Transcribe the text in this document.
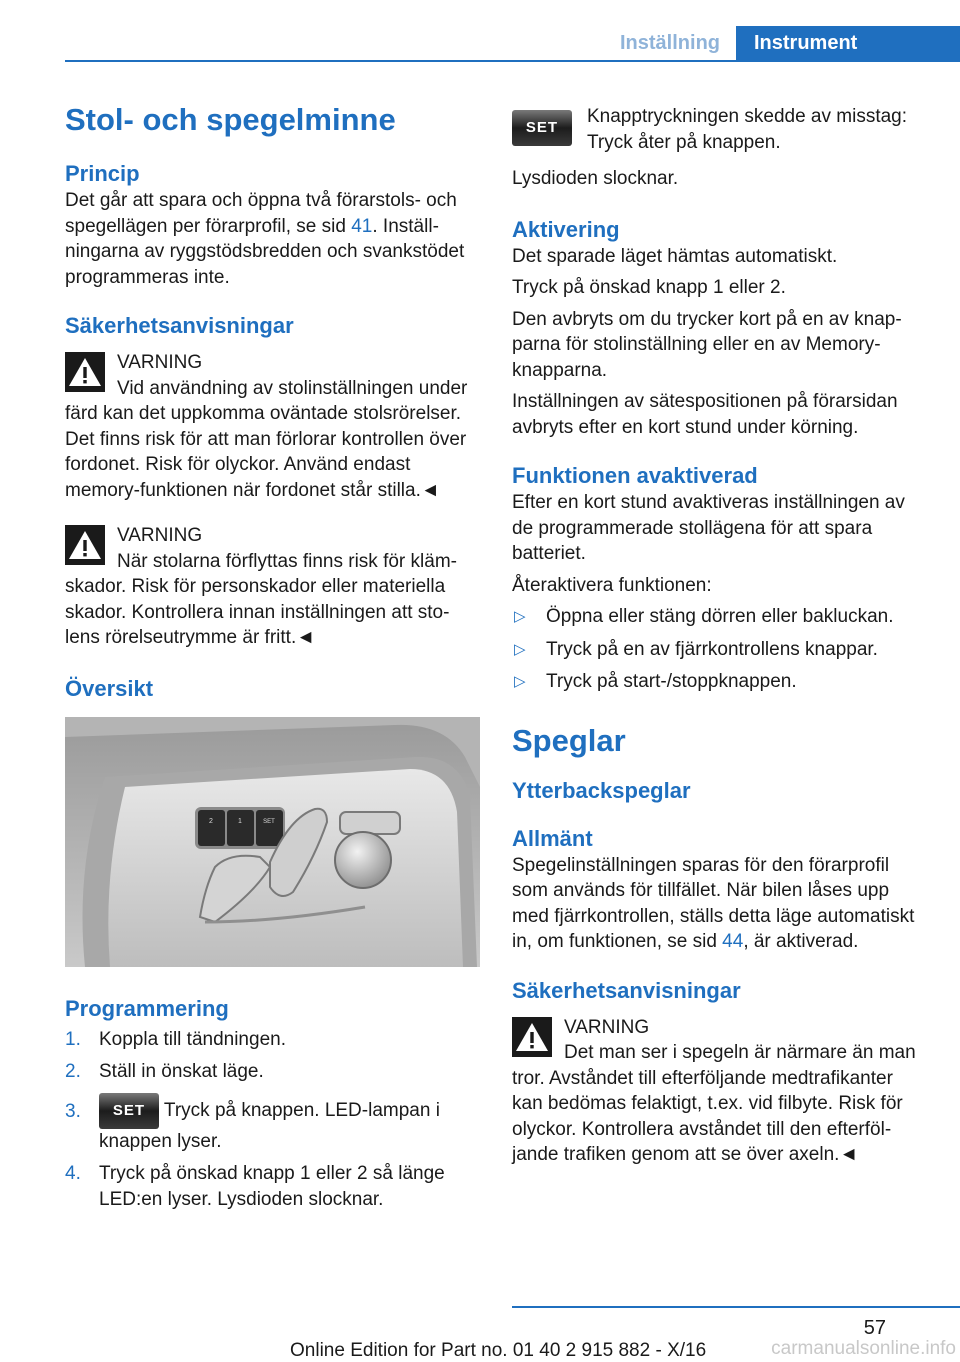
Inställning	Instrument
Stol- och spegelminne
Princip

Det går att spara och öppna två förarstols- och spegellägen per förarprofil, se sid 41. Inställningarna av ryggstödsbredden och svankstödet programmeras inte.

Säkerhetsanvisningar

VARNING

Vid användning av stolinställningen under färd kan det uppkomma oväntade stolsrörelser. Det finns risk för att man förlorar kontrollen över fordonet. Risk för olyckor. Använd endast memory-funktionen när fordonet står stilla.◄

VARNING

När stolarna förflyttas finns risk för klämskador. Risk för personskador eller materiella skador. Kontrollera innan inställningen att stolens rörelseutrymme är fritt.◄

Översikt
2	1	SET
Programmering
1. Koppla till tändningen.
2. Ställ in önskat läge.
3. SET Tryck på knappen. LED-lampan i knappen lyser.
4. Tryck på önskad knapp 1 eller 2 så länge LED:en lyser. Lysdioden slocknar.
SET

Knapptryckningen skedde av misstag: Tryck åter på knappen.

Lysdioden slocknar.

Aktivering

Det sparade läget hämtas automatiskt.

Tryck på önskad knapp 1 eller 2.

Den avbryts om du trycker kort på en av knapparna för stolinställning eller en av Memory-knapparna.

Inställningen av sätespositionen på förarsidan avbryts efter en kort stund under körning.

Funktionen avaktiverad

Efter en kort stund avaktiveras inställningen av de programmerade stollägena för att spara batteriet.

Återaktivera funktionen:

▷ Öppna eller stäng dörren eller bakluckan.
▷ Tryck på en av fjärrkontrollens knappar.
▷ Tryck på start-/stoppknappen.
Speglar
Ytterbackspeglar
Allmänt

Spegelinställningen sparas för den förarprofil som används för tillfället. När bilen låses upp med fjärrkontrollen, ställs detta läge automatiskt in, om funktionen, se sid 44, är aktiverad.

Säkerhetsanvisningar

VARNING

Det man ser i spegeln är närmare än man tror. Avståndet till efterföljande medtrafikanter kan bedömas felaktigt, t.ex. vid filbyte. Risk för olyckor. Kontrollera avståndet till den efterföljande trafiken genom att se över axeln.◄

57
Online Edition for Part no. 01 40 2 915 882 - X/16	carmanualsonline.info
